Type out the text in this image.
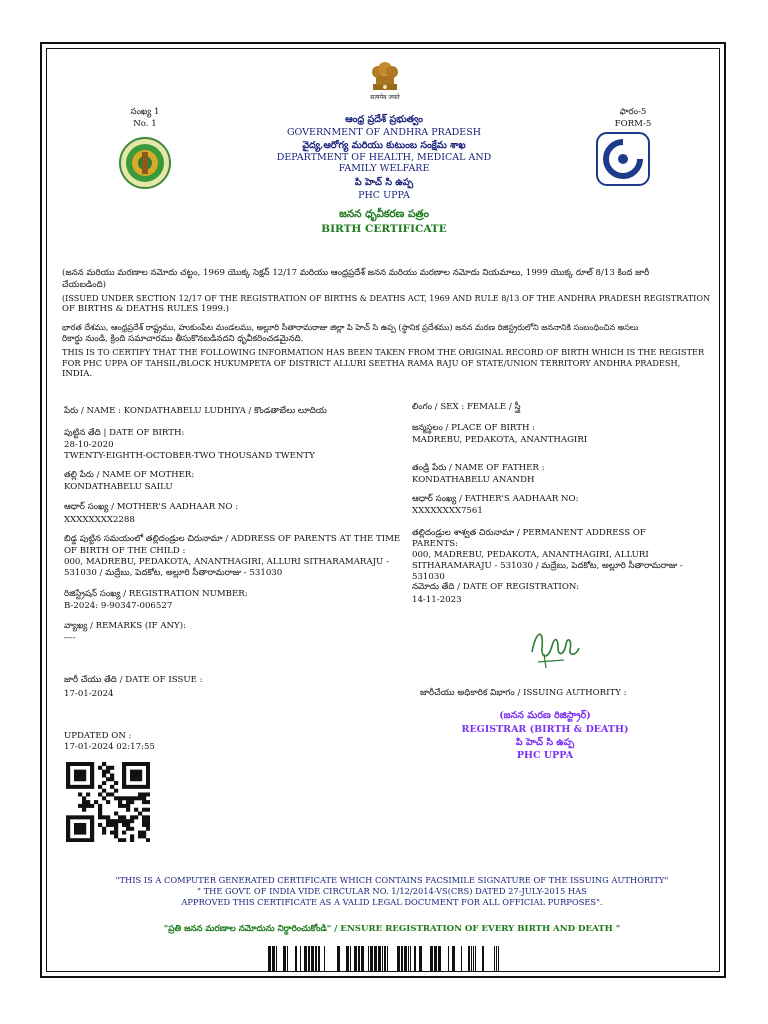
सत्यमेव जयते
సంఖ్య 1
No. 1
ఫారం-5
FORM-5
ఆంధ్ర ప్రదేశ్ ప్రభుత్వం
GOVERNMENT OF ANDHRA PRADESH
వైద్య,ఆరోగ్య మరియు కుటుంబ సంక్షేమ శాఖ
DEPARTMENT OF HEALTH, MEDICAL AND
FAMILY WELFARE
పి హెచ్ సి ఉప్ప
PHC UPPA
జనన ధృవీకరణ పత్రం
BIRTH CERTIFICATE
(జనన మరియు మరణాల నమోదు చట్టం, 1969 యొక్క సెక్షన్ 12/17 మరియు ఆంధ్రప్రదేశ్ జనన మరియు మరణాల నమోదు నియమాలు, 1999 యొక్క రూల్ 8/13 కింద జారీ
చేయబడింది)
(ISSUED UNDER SECTION 12/17 OF THE REGISTRATION OF BIRTHS & DEATHS ACT, 1969 AND RULE 8/13 OF THE ANDHRA PRADESH REGISTRATION
OF BIRTHS & DEATHS RULES 1999.)
భారత దేశము, ఆంధ్రప్రదేశ్ రాష్ట్రము, హుకుంపేట మండలము, అల్లూరి సీతారామరాజు జిల్లా పి హెచ్ సి ఉప్ప (స్థానిక ప్రదేశము) జనన మరణ రిజిస్ట్రరులోని జననానికి సంబంధించిన అసలు
రికార్డు నుండి, క్రింది సమాచారము తీసుకొనబడినదని ధృవీకరించడమైనది.
THIS IS TO CERTIFY THAT THE FOLLOWING INFORMATION HAS BEEN TAKEN FROM THE ORIGINAL RECORD OF BIRTH WHICH IS THE REGISTER
FOR PHC UPPA OF TAHSIL/BLOCK HUKUMPETA OF DISTRICT ALLURI SEETHA RAMA RAJU OF STATE/UNION TERRITORY ANDHRA PRADESH,
INDIA.
పేరు / NAME : KONDATHABELU LUDHIYA / కొండతాబేలు లూదియ
పుట్టిన తేది | DATE OF BIRTH:
28-10-2020
TWENTY-EIGHTH-OCTOBER-TWO THOUSAND TWENTY
తల్లి పేరు / NAME OF MOTHER:
KONDATHABELU SAILU
ఆధార్ సంఖ్య / MOTHER'S AADHAAR NO :
XXXXXXXX2288
బిడ్డ పుట్టిన సమయంలో తల్లిదండ్రుల చిరునామా / ADDRESS OF PARENTS AT THE TIME
OF BIRTH OF THE CHILD :
000, MADREBU, PEDAKOTA, ANANTHAGIRI, ALLURI SITHARAMARAJU -
531030 / మద్రేబు, పెదకోట, అల్లూరి సీతారామరాజు - 531030
రిజిస్ట్రేషన్ సంఖ్య / REGISTRATION NUMBER:
B-2024: 9-90347-006527
వ్యాఖ్య / REMARKS (IF ANY):
----
జారీ చేయు తేది / DATE OF ISSUE :
17-01-2024
UPDATED ON :
17-01-2024 02:17:55
లింగం / SEX : FEMALE / స్త్రీ
జన్మస్థలం / PLACE OF BIRTH :
MADREBU, PEDAKOTA, ANANTHAGIRI
తండ్రి పేరు / NAME OF FATHER :
KONDATHABELU ANANDH
ఆధార్ సంఖ్య / FATHER'S AADHAAR NO:
XXXXXXXX7561
తల్లిదండ్రుల శాశ్వత చిరునామా / PERMANENT ADDRESS OF
PARENTS:
000, MADREBU, PEDAKOTA, ANANTHAGIRI, ALLURI
SITHARAMARAJU - 531030 / మద్రేబు, పెదకోట, అల్లూరి సీతారామరాజు -
531030
నమోదు తేది / DATE OF REGISTRATION:
14-11-2023
జారీచేయు అధికారిక విభాగం / ISSUING AUTHORITY :
(జనన మరణ రిజిస్ట్రార్)
REGISTRAR (BIRTH & DEATH)
పి హెచ్ సి ఉప్ప
PHC UPPA
"THIS IS A COMPUTER GENERATED CERTIFICATE WHICH CONTAINS FACSIMILE SIGNATURE OF THE ISSUING AUTHORITY"
" THE GOVT. OF INDIA VIDE CIRCULAR NO. 1/12/2014-VS(CRS) DATED 27-JULY-2015 HAS
APPROVED THIS CERTIFICATE AS A VALID LEGAL DOCUMENT FOR ALL OFFICIAL PURPOSES".
"ప్రతి జనన మరణాల నమోదును నిర్ధారించుకోండి" / ENSURE REGISTRATION OF EVERY BIRTH AND DEATH "
